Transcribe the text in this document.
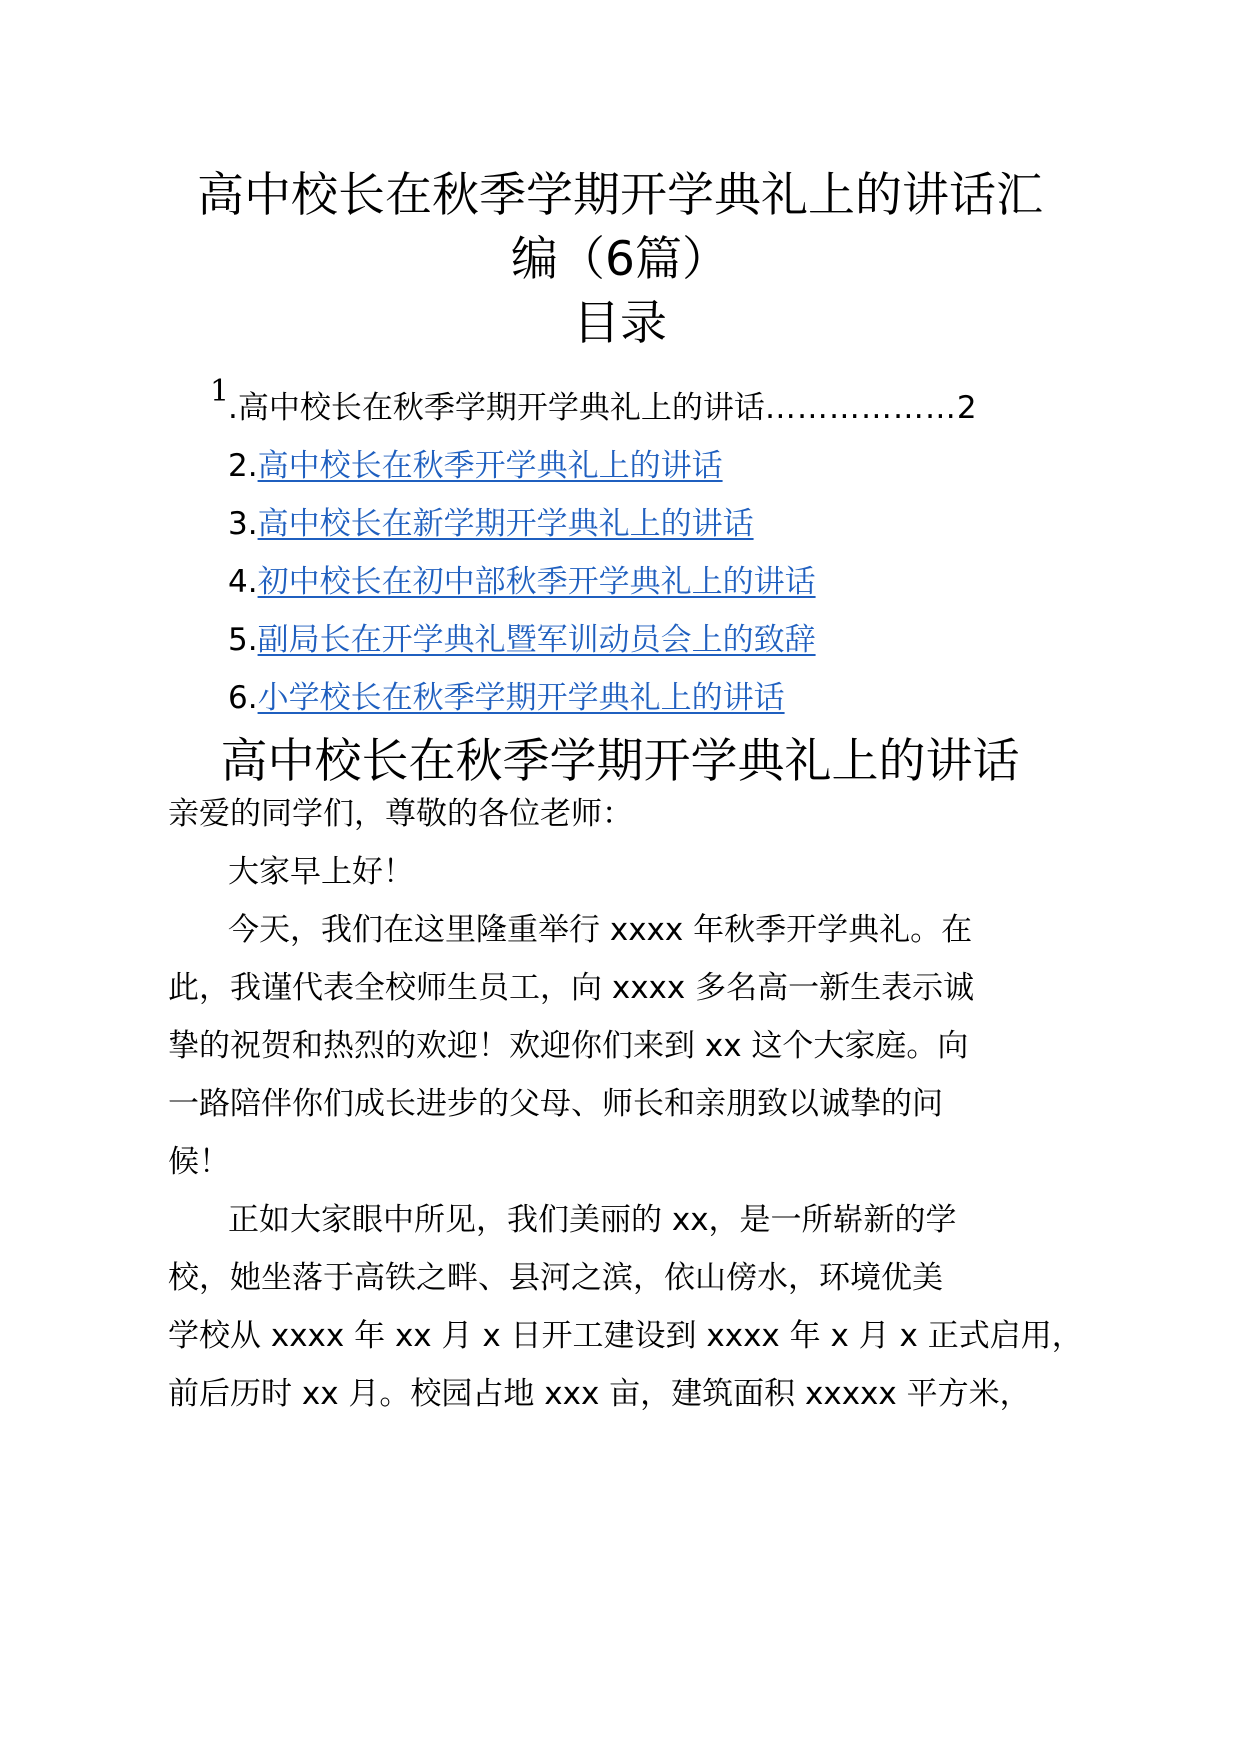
高中校长在秋季学期开学典礼上的讲话汇
编（6篇）
目录
1
.高中校长在秋季学期开学典礼上的讲话………………2
2.高中校长在秋季开学典礼上的讲话
3.高中校长在新学期开学典礼上的讲话
4.初中校长在初中部秋季开学典礼上的讲话
5.副局长在开学典礼暨军训动员会上的致辞
6.小学校长在秋季学期开学典礼上的讲话
高中校长在秋季学期开学典礼上的讲话
亲爱的同学们，尊敬的各位老师：
大家早上好！
今天，我们在这里隆重举行 xxxx 年秋季开学典礼。在
此，我谨代表全校师生员工，向 xxxx 多名高一新生表示诚
挚的祝贺和热烈的欢迎！欢迎你们来到 xx 这个大家庭。向
一路陪伴你们成长进步的父母、师长和亲朋致以诚挚的问
候！
正如大家眼中所见，我们美丽的 xx，是一所崭新的学
校，她坐落于高铁之畔、县河之滨，依山傍水，环境优美
学校从 xxxx 年 xx 月 x 日开工建设到 xxxx 年 x 月 x 正式启用，
前后历时 xx 月。校园占地 xxx 亩，建筑面积 xxxxx 平方米，
